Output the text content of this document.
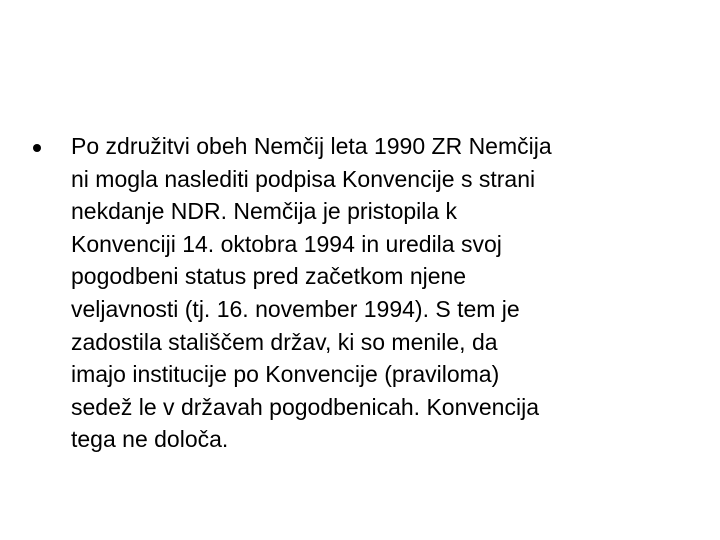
Po združitvi obeh Nemčij leta 1990 ZR Nemčija
ni mogla naslediti podpisa Konvencije s strani
nekdanje NDR. Nemčija je pristopila k
Konvenciji 14. oktobra 1994 in uredila svoj
pogodbeni status pred začetkom njene
veljavnosti (tj. 16. november 1994). S tem je
zadostila stališčem držav, ki so menile, da
imajo institucije po Konvencije (praviloma)
sedež le v državah pogodbenicah. Konvencija
tega ne določa.
